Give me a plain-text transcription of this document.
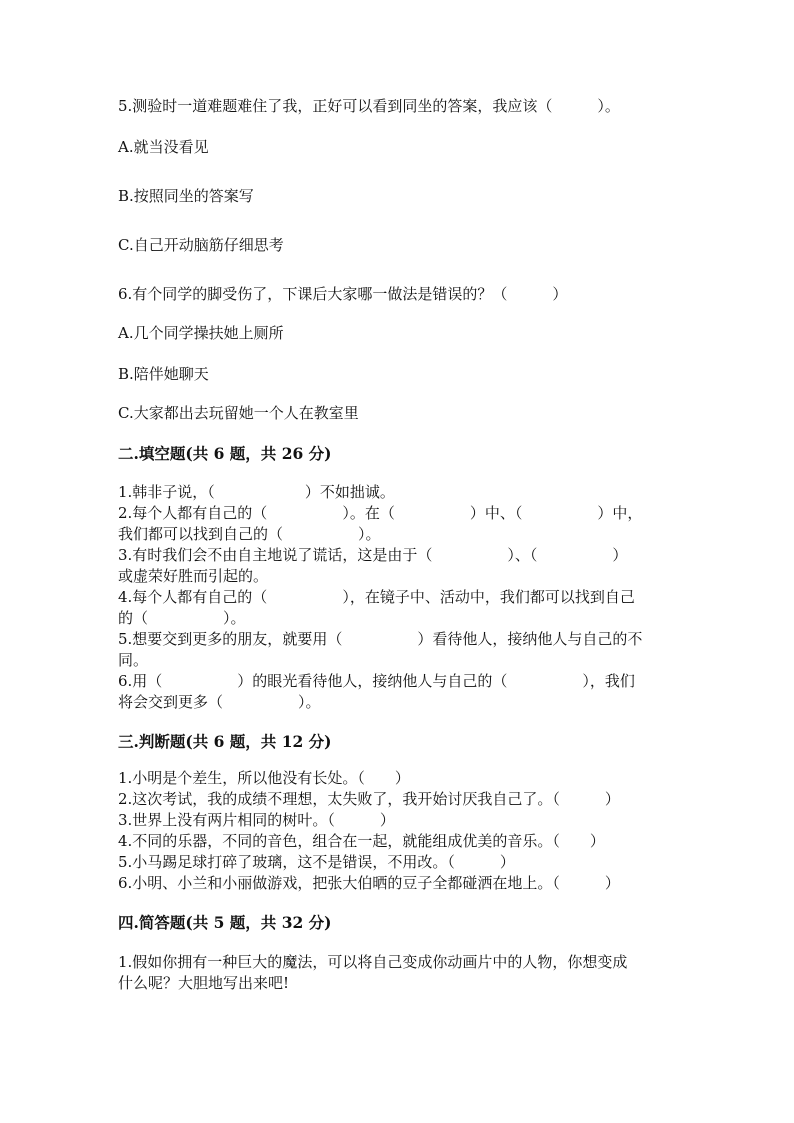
5.测验时一道难题难住了我，正好可以看到同坐的答案，我应该（　　　）。
A.就当没看见
B.按照同坐的答案写
C.自己开动脑筋仔细思考
6.有个同学的脚受伤了，下课后大家哪一做法是错误的？（　　　）
A.几个同学操扶她上厕所
B.陪伴她聊天
C.大家都出去玩留她一个人在教室里
二.填空题(共 6 题，共 26 分)
1.韩非子说，（　　　　　　）不如拙诚。
2.每个人都有自己的（　　　　　）。在（　　　　　）中、（　　　　　）中，
我们都可以找到自己的（　　　　　）。
3.有时我们会不由自主地说了谎话，这是由于（　　　　　）、（　　　　　）
或虚荣好胜而引起的。
4.每个人都有自己的（　　　　　），在镜子中、活动中，我们都可以找到自己
的（　　　　　）。
5.想要交到更多的朋友，就要用（　　　　　）看待他人，接纳他人与自己的不
同。
6.用（　　　　　）的眼光看待他人，接纳他人与自己的（　　　　　），我们
将会交到更多（　　　　　）。
三.判断题(共 6 题，共 12 分)
1.小明是个差生，所以他没有长处。（　　）
2.这次考试，我的成绩不理想，太失败了，我开始讨厌我自己了。（　　　）
3.世界上没有两片相同的树叶。（　　　）
4.不同的乐器，不同的音色，组合在一起，就能组成优美的音乐。（　　）
5.小马踢足球打碎了玻璃，这不是错误，不用改。（　　　）
6.小明、小兰和小丽做游戏，把张大伯晒的豆子全都碰洒在地上。（　　　）
四.简答题(共 5 题，共 32 分)
1.假如你拥有一种巨大的魔法，可以将自己变成你动画片中的人物，你想变成
什么呢？大胆地写出来吧!
